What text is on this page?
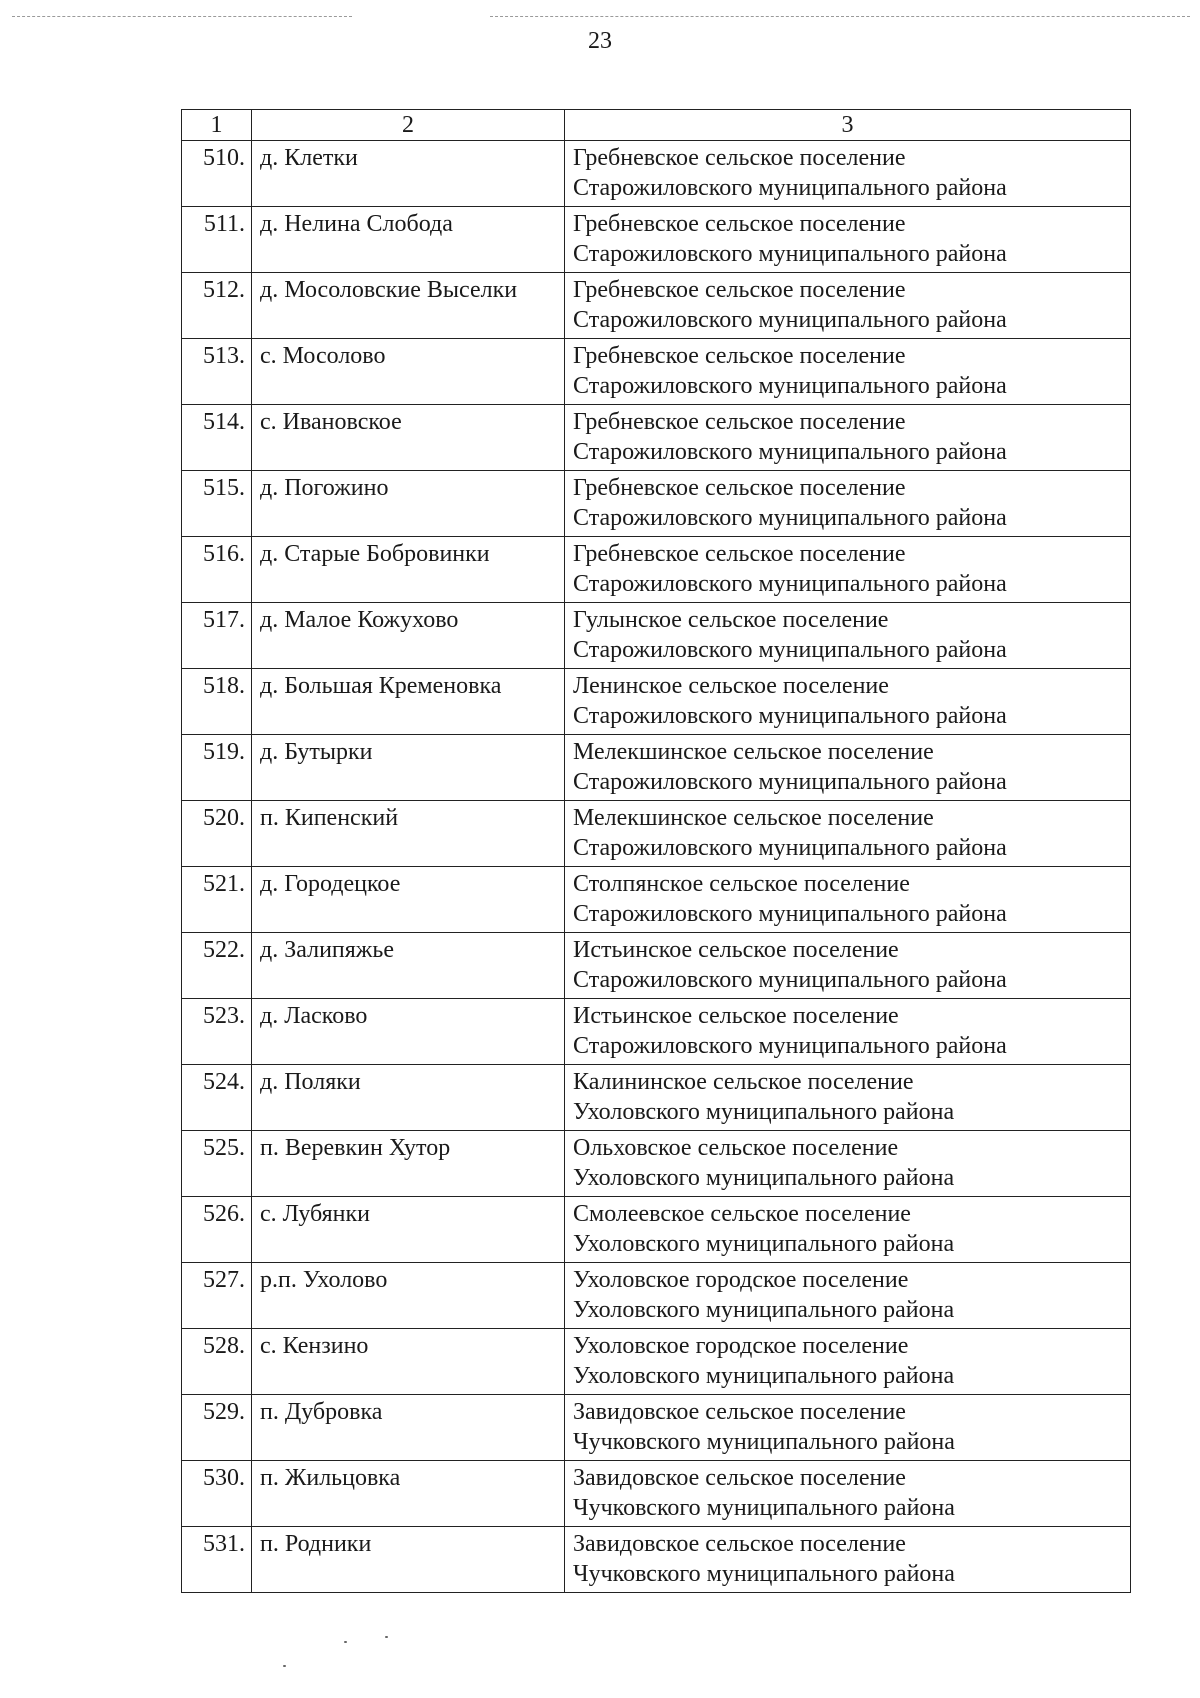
23
1	2	3
510.	д. Клетки	Гребневское сельское поселение
Старожиловского муниципального района

511.	д. Нелина Слобода	Гребневское сельское поселение
Старожиловского муниципального района

512.	д. Мосоловские Выселки	Гребневское сельское поселение
Старожиловского муниципального района

513.	с. Мосолово	Гребневское сельское поселение
Старожиловского муниципального района

514.	с. Ивановское	Гребневское сельское поселение
Старожиловского муниципального района

515.	д. Погожино	Гребневское сельское поселение
Старожиловского муниципального района

516.	д. Старые Бобровинки	Гребневское сельское поселение
Старожиловского муниципального района

517.	д. Малое Кожухово	Гулынское сельское поселение
Старожиловского муниципального района

518.	д. Большая Кременовка	Ленинское сельское поселение
Старожиловского муниципального района

519.	д. Бутырки	Мелекшинское сельское поселение
Старожиловского муниципального района

520.	п. Кипенский	Мелекшинское сельское поселение
Старожиловского муниципального района

521.	д. Городецкое	Столпянское сельское поселение
Старожиловского муниципального района

522.	д. Залипяжье	Истьинское сельское поселение
Старожиловского муниципального района

523.	д. Ласково	Истьинское сельское поселение
Старожиловского муниципального района

524.	д. Поляки	Калининское сельское поселение
Ухоловского муниципального района

525.	п. Веревкин Хутор	Ольховское сельское поселение
Ухоловского муниципального района

526.	с. Лубянки	Смолеевское сельское поселение
Ухоловского муниципального района

527.	р.п. Ухолово	Ухоловское городское поселение
Ухоловского муниципального района

528.	с. Кензино	Ухоловское городское поселение
Ухоловского муниципального района

529.	п. Дубровка	Завидовское сельское поселение
Чучковского муниципального района

530.	п. Жильцовка	Завидовское сельское поселение
Чучковского муниципального района

531.	п. Родники	Завидовское сельское поселение
Чучковского муниципального района
